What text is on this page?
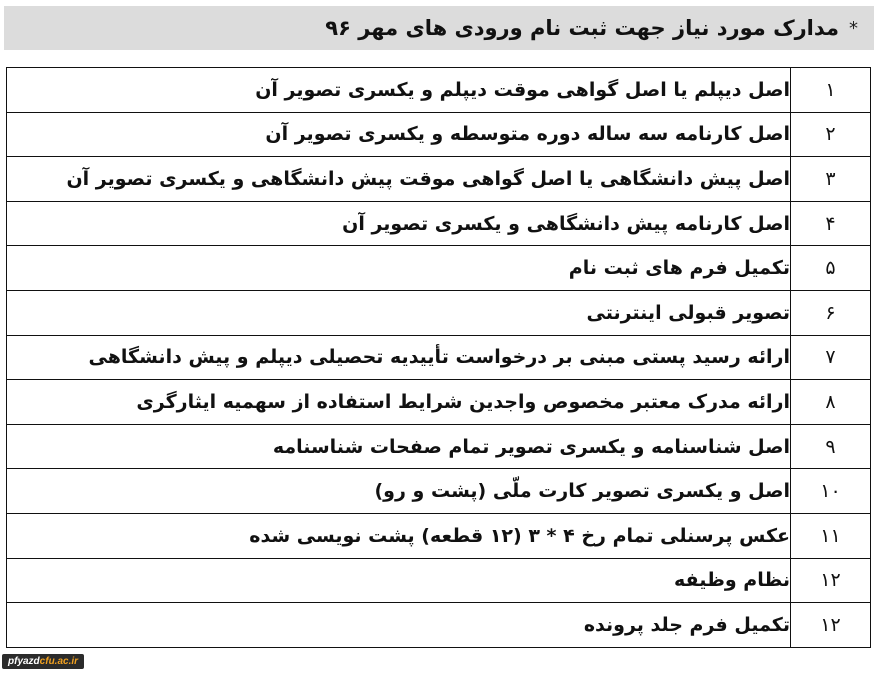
*
مدارک مورد نیاز جهت ثبت نام ورودی های مهر ۹۶
۱	اصل دیپلم یا اصل گواهی موقت دیپلم و یکسری تصویر آن
۲	اصل کارنامه سه ساله دوره متوسطه و یکسری تصویر آن
۳	اصل پیش دانشگاهی یا اصل گواهی موقت پیش دانشگاهی و یکسری تصویر آن
۴	اصل کارنامه پیش دانشگاهی و یکسری تصویر آن
۵	تکمیل فرم های ثبت نام
۶	تصویر قبولی اینترنتی
۷	ارائه رسید پستی مبنی بر درخواست تأییدیه تحصیلی دیپلم و پیش دانشگاهی
۸	ارائه مدرک معتبر مخصوص واجدین شرایط استفاده از سهمیه ایثارگری
۹	اصل شناسنامه و یکسری تصویر تمام صفحات شناسنامه
۱۰	اصل و یکسری تصویر کارت ملّی (پشت و رو)
۱۱	عکس پرسنلی تمام رخ ۴ * ۳ (۱۲ قطعه) پشت نویسی شده
۱۲	نظام وظیفه
۱۲	تکمیل فرم جلد پرونده
pfyazdcfu.ac.ir
